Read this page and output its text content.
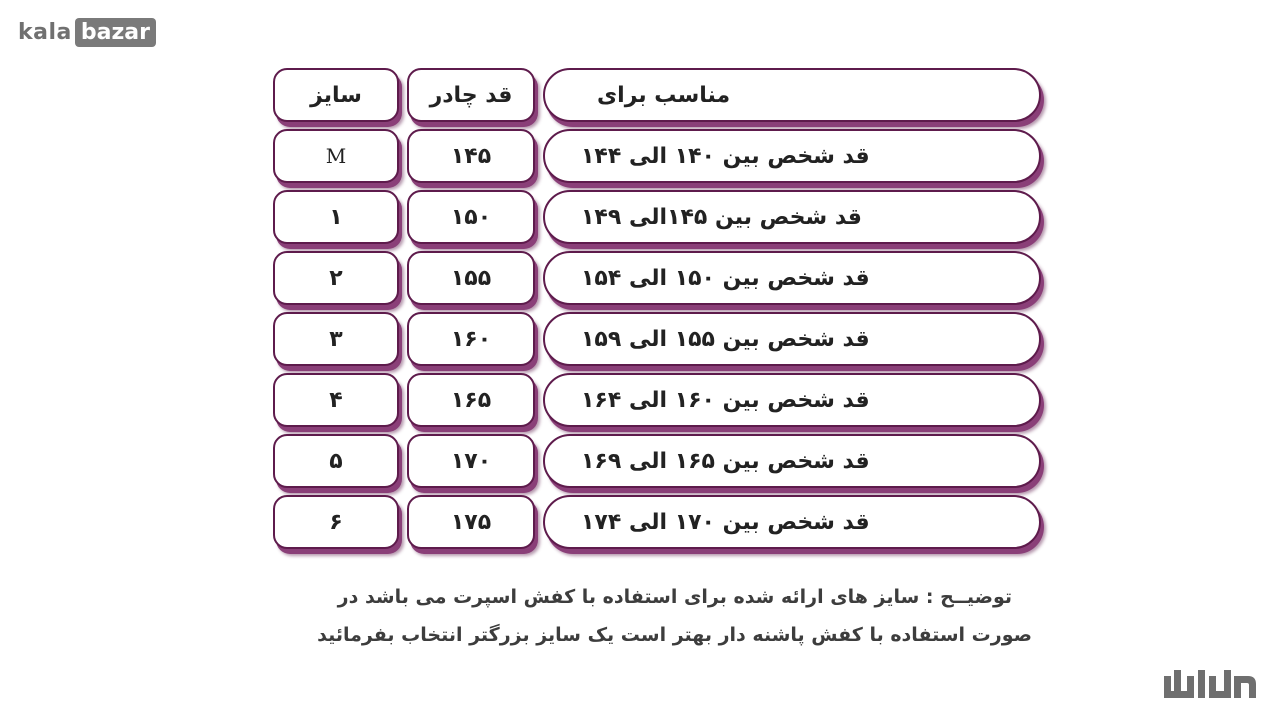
kala bazar
سایز	قد چادر	مناسب برای
M	۱۴۵	قد شخص بین ۱۴۰ الی ۱۴۴
۱	۱۵۰	قد شخص بین ۱۴۵الی ۱۴۹
۲	۱۵۵	قد شخص بین ۱۵۰ الی ۱۵۴
۳	۱۶۰	قد شخص بین ۱۵۵ الی ۱۵۹
۴	۱۶۵	قد شخص بین ۱۶۰ الی ۱۶۴
۵	۱۷۰	قد شخص بین ۱۶۵ الی ۱۶۹
۶	۱۷۵	قد شخص بین ۱۷۰ الی ۱۷۴
توضیــح : سایز های ارائه شده برای استفاده با کفش اسپرت می باشد در
صورت استفاده با کفش پاشنه دار بهتر است یک سایز بزرگتر انتخاب بفرمائید
